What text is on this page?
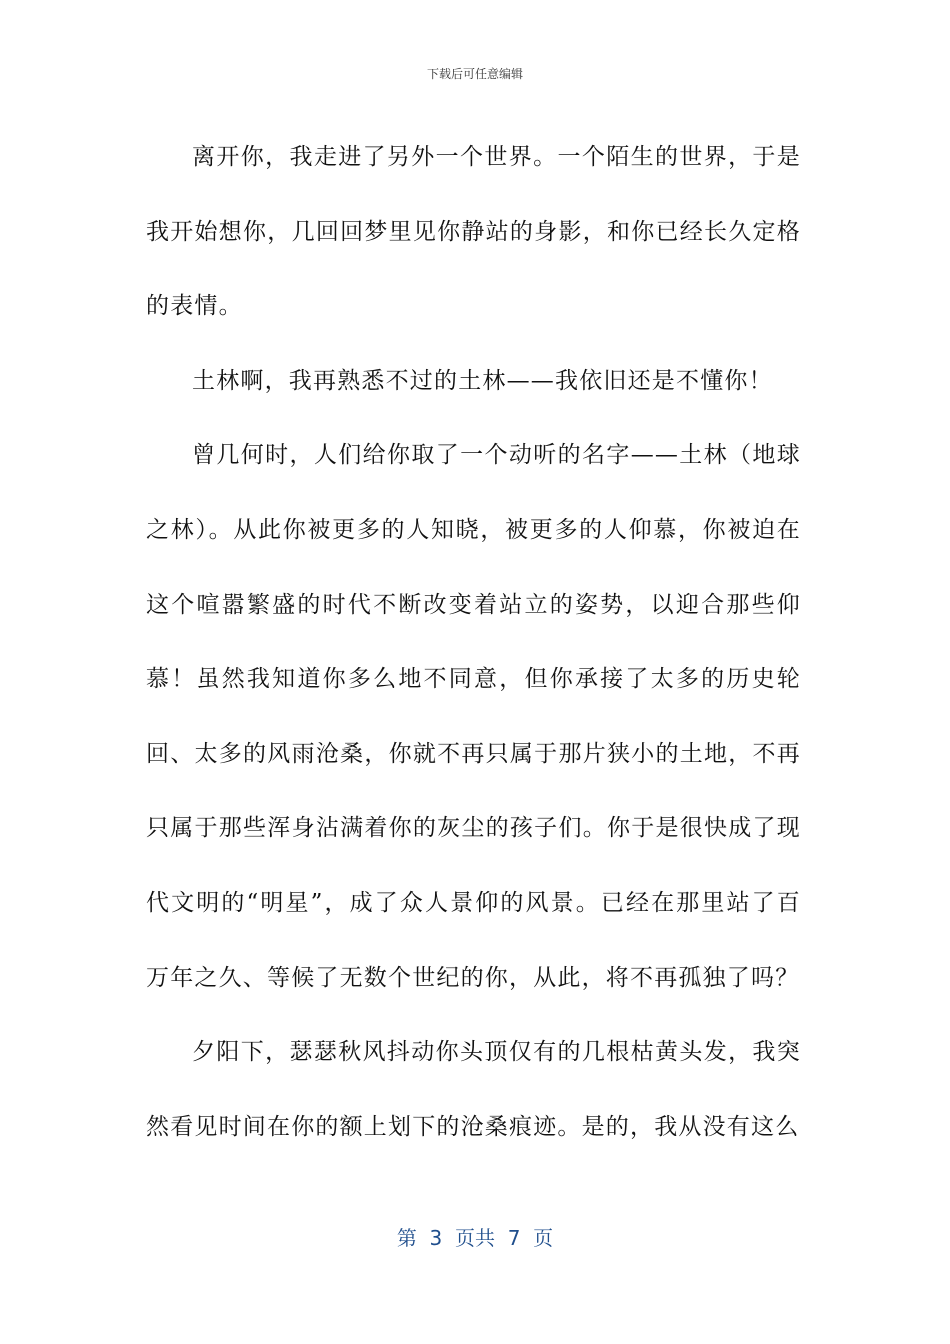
下载后可任意编辑

离开你，我走进了另外一个世界。一个陌生的世界，于是我开始想你，几回回梦里见你静站的身影，和你已经长久定格的表情。

土林啊，我再熟悉不过的土林——我依旧还是不懂你！

曾几何时，人们给你取了一个动听的名字——土林（地球之林）。从此你被更多的人知晓，被更多的人仰慕，你被迫在这个喧嚣繁盛的时代不断改变着站立的姿势，以迎合那些仰慕！虽然我知道你多么地不同意，但你承接了太多的历史轮回、太多的风雨沧桑，你就不再只属于那片狭小的土地，不再只属于那些浑身沾满着你的灰尘的孩子们。你于是很快成了现代文明的“明星”，成了众人景仰的风景。已经在那里站了百万年之久、等候了无数个世纪的你，从此，将不再孤独了吗？

夕阳下，瑟瑟秋风抖动你头顶仅有的几根枯黄头发，我突然看见时间在你的额上划下的沧桑痕迹。是的，我从没有这么

第  3  页共  7  页
